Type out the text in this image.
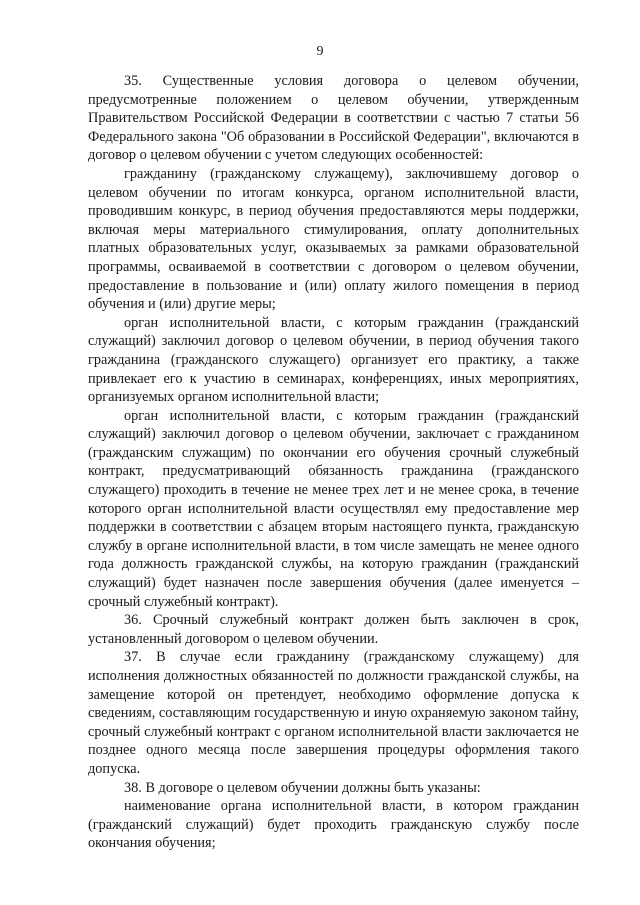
9

35. Существенные условия договора о целевом обучении, предусмотренные положением о целевом обучении, утвержденным Правительством Российской Федерации в соответствии с частью 7 статьи 56 Федерального закона "Об образовании в Российской Федерации", включаются в договор о целевом обучении с учетом следующих особенностей:

гражданину (гражданскому служащему), заключившему договор о целевом обучении по итогам конкурса, органом исполнительной власти, проводившим конкурс, в период обучения предоставляются меры поддержки, включая меры материального стимулирования, оплату дополнительных платных образовательных услуг, оказываемых за рамками образовательной программы, осваиваемой в соответствии с договором о целевом обучении, предоставление в пользование и (или) оплату жилого помещения в период обучения и (или) другие меры;

орган исполнительной власти, с которым гражданин (гражданский служащий) заключил договор о целевом обучении, в период обучения такого гражданина (гражданского служащего) организует его практику, а также привлекает его к участию в семинарах, конференциях, иных мероприятиях, организуемых органом исполнительной власти;

орган исполнительной власти, с которым гражданин (гражданский служащий) заключил договор о целевом обучении, заключает с гражданином (гражданским служащим) по окончании его обучения срочный служебный контракт, предусматривающий обязанность гражданина (гражданского служащего) проходить в течение не менее трех лет и не менее срока, в течение которого орган исполнительной власти осуществлял ему предоставление мер поддержки в соответствии с абзацем вторым настоящего пункта, гражданскую службу в органе исполнительной власти, в том числе замещать не менее одного года должность гражданской службы, на которую гражданин (гражданский служащий) будет назначен после завершения обучения (далее именуется – срочный служебный контракт).

36. Срочный служебный контракт должен быть заключен в срок, установленный договором о целевом обучении.

37. В случае если гражданину (гражданскому служащему) для исполнения должностных обязанностей по должности гражданской службы, на замещение которой он претендует, необходимо оформление допуска к сведениям, составляющим государственную и иную охраняемую законом тайну, срочный служебный контракт с органом исполнительной власти заключается не позднее одного месяца после завершения процедуры оформления такого допуска.

38. В договоре о целевом обучении должны быть указаны:

наименование органа исполнительной власти, в котором гражданин (гражданский служащий) будет проходить гражданскую службу после окончания обучения;
